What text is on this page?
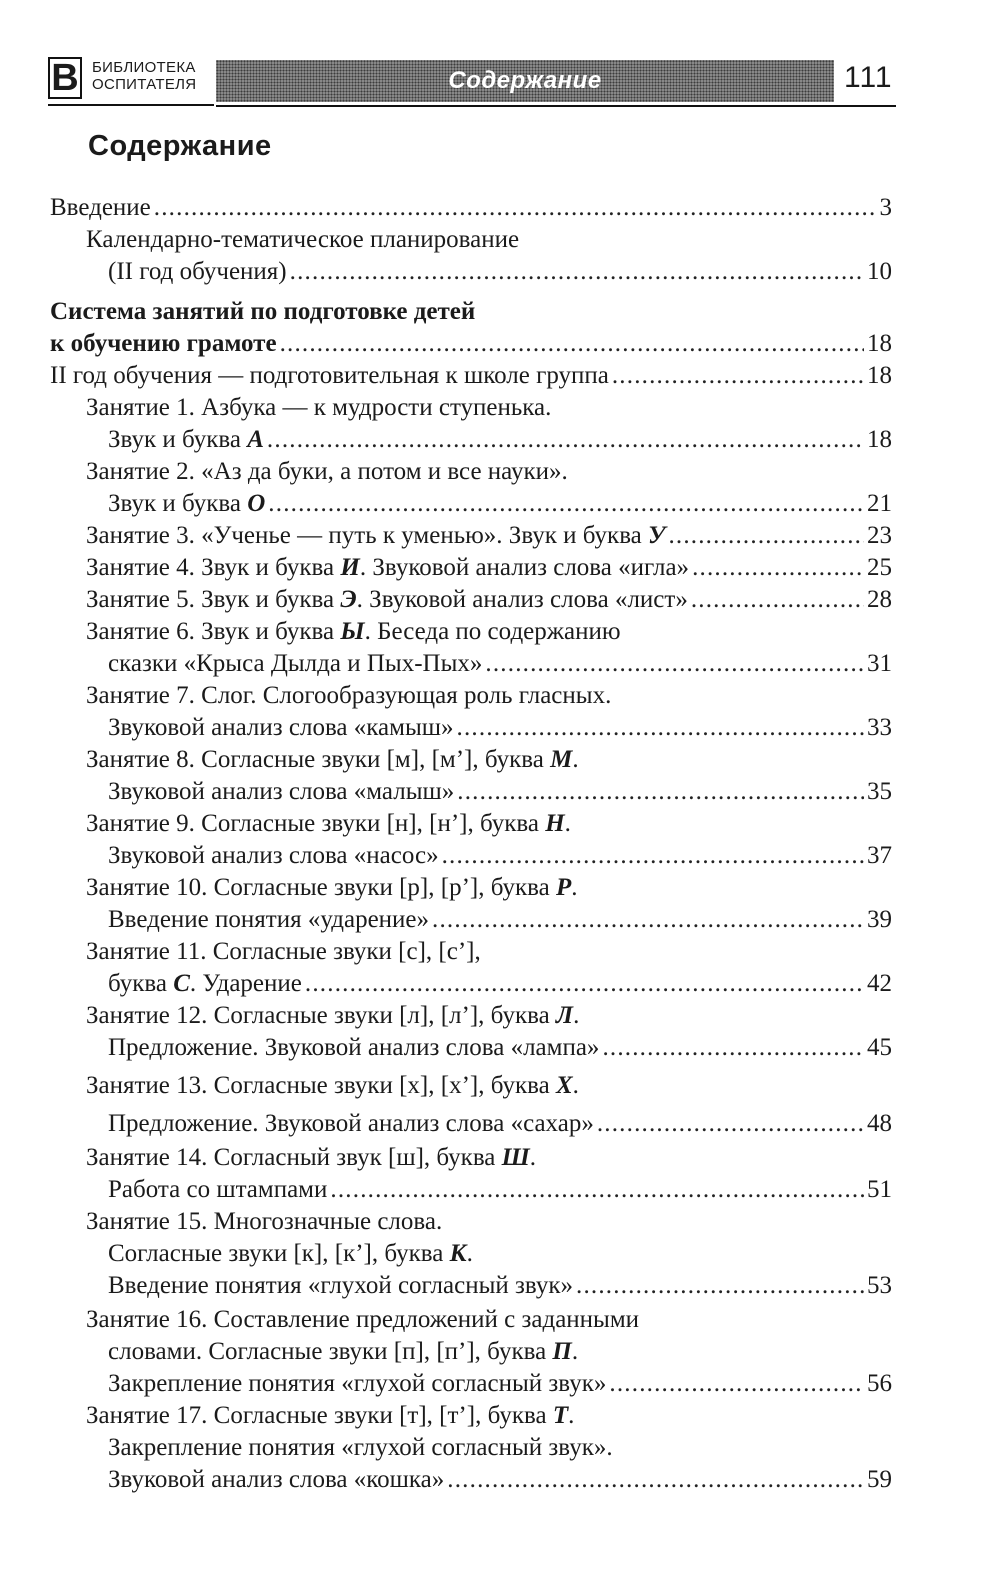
В БИБЛИОТЕКА
ОСПИТАТЕЛЯ	Содержание	111
Содержание
Введение .....	3
Календарно-тематическое планирование
(II год обучения) .....	10
Система занятий по подготовке детей
к обучению грамоте .....	18
II год обучения — подготовительная к школе группа .....	18
Занятие 1. Азбука — к мудрости ступенька.
Звук и буква А .....	18
Занятие 2. «Аз да буки, а потом и все науки».
Звук и буква О .....	21
Занятие 3. «Ученье — путь к уменью». Звук и буква У .....	23
Занятие 4. Звук и буква И. Звуковой анализ слова «игла» .....	25
Занятие 5. Звук и буква Э. Звуковой анализ слова «лист» .....	28
Занятие 6. Звук и буква Ы. Беседа по содержанию
сказки «Крыса Дылда и Пых-Пых» .....	31
Занятие 7. Слог. Слогообразующая роль гласных.
Звуковой анализ слова «камыш» .....	33
Занятие 8. Согласные звуки [м], [м’], буква М.
Звуковой анализ слова «малыш» .....	35
Занятие 9. Согласные звуки [н], [н’], буква Н.
Звуковой анализ слова «насос» .....	37
Занятие 10. Согласные звуки [р], [р’], буква Р.
Введение понятия «ударение» .....	39
Занятие 11. Согласные звуки [с], [с’],
буква С. Ударение .....	42
Занятие 12. Согласные звуки [л], [л’], буква Л.
Предложение. Звуковой анализ слова «лампа» .....	45
Занятие 13. Согласные звуки [х], [х’], буква Х.
Предложение. Звуковой анализ слова «сахар» .....	48
Занятие 14. Согласный звук [ш], буква Ш.
Работа со штампами .....	51
Занятие 15. Многозначные слова.
Согласные звуки [к], [к’], буква К.
Введение понятия «глухой согласный звук» .....	53
Занятие 16. Составление предложений с заданными
словами. Согласные звуки [п], [п’], буква П.
Закрепление понятия «глухой согласный звук» .....	56
Занятие 17. Согласные звуки [т], [т’], буква Т.
Закрепление понятия «глухой согласный звук».
Звуковой анализ слова «кошка» .....	59
